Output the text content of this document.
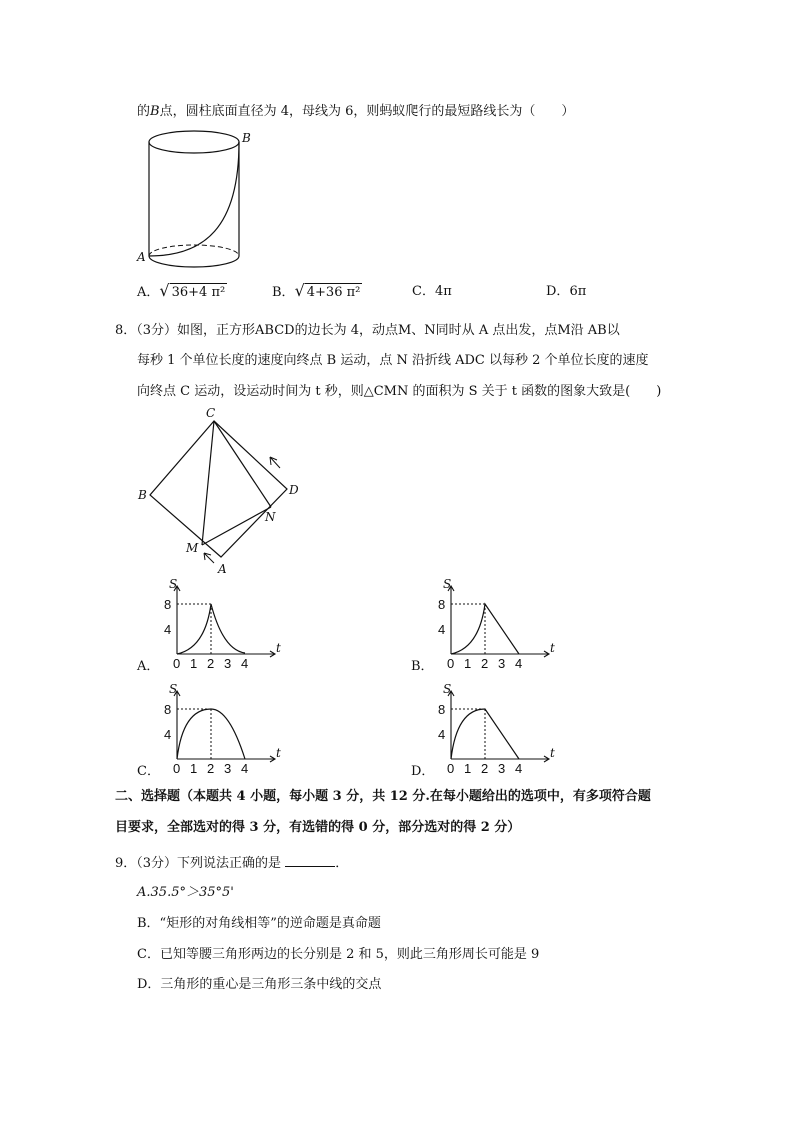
的B点，圆柱底面直径为 4，母线为 6，则蚂蚁爬行的最短路线长为（　　）
B
A
A．√ 36+4 π²	B．√ 4+36 π²	C．4π	D．6π
8．（3分）如图，正方形ABCD的边长为 4，动点M、N同时从 A 点出发，点M沿 AB以
每秒 1 个单位长度的速度向终点 B 运动，点 N 沿折线 ADC 以每秒 2 个单位长度的速度
向终点 C 运动，设运动时间为 t 秒，则△CMN 的面积为 S 关于 t 函数的图象大致是(　　)
C
B	D
N
M
A
A．
S
t
8
4
0 1 2 3 4	B．
S
t
8
4
0 1 2 3 4
C．
S
t
8
4
0 1 2 3 4	D．
S
t
8
4
0 1 2 3 4
二、选择题（本题共 4 小题，每小题 3 分，共 12 分.在每小题给出的选项中，有多项符合题
目要求，全部选对的得 3 分，有选错的得 0 分，部分选对的得 2 分）
9．（3分）下列说法正确的是	．
A.35.5°＞35°5'
B．“矩形的对角线相等”的逆命题是真命题
C．已知等腰三角形两边的长分别是 2 和 5，则此三角形周长可能是 9
D．三角形的重心是三角形三条中线的交点
